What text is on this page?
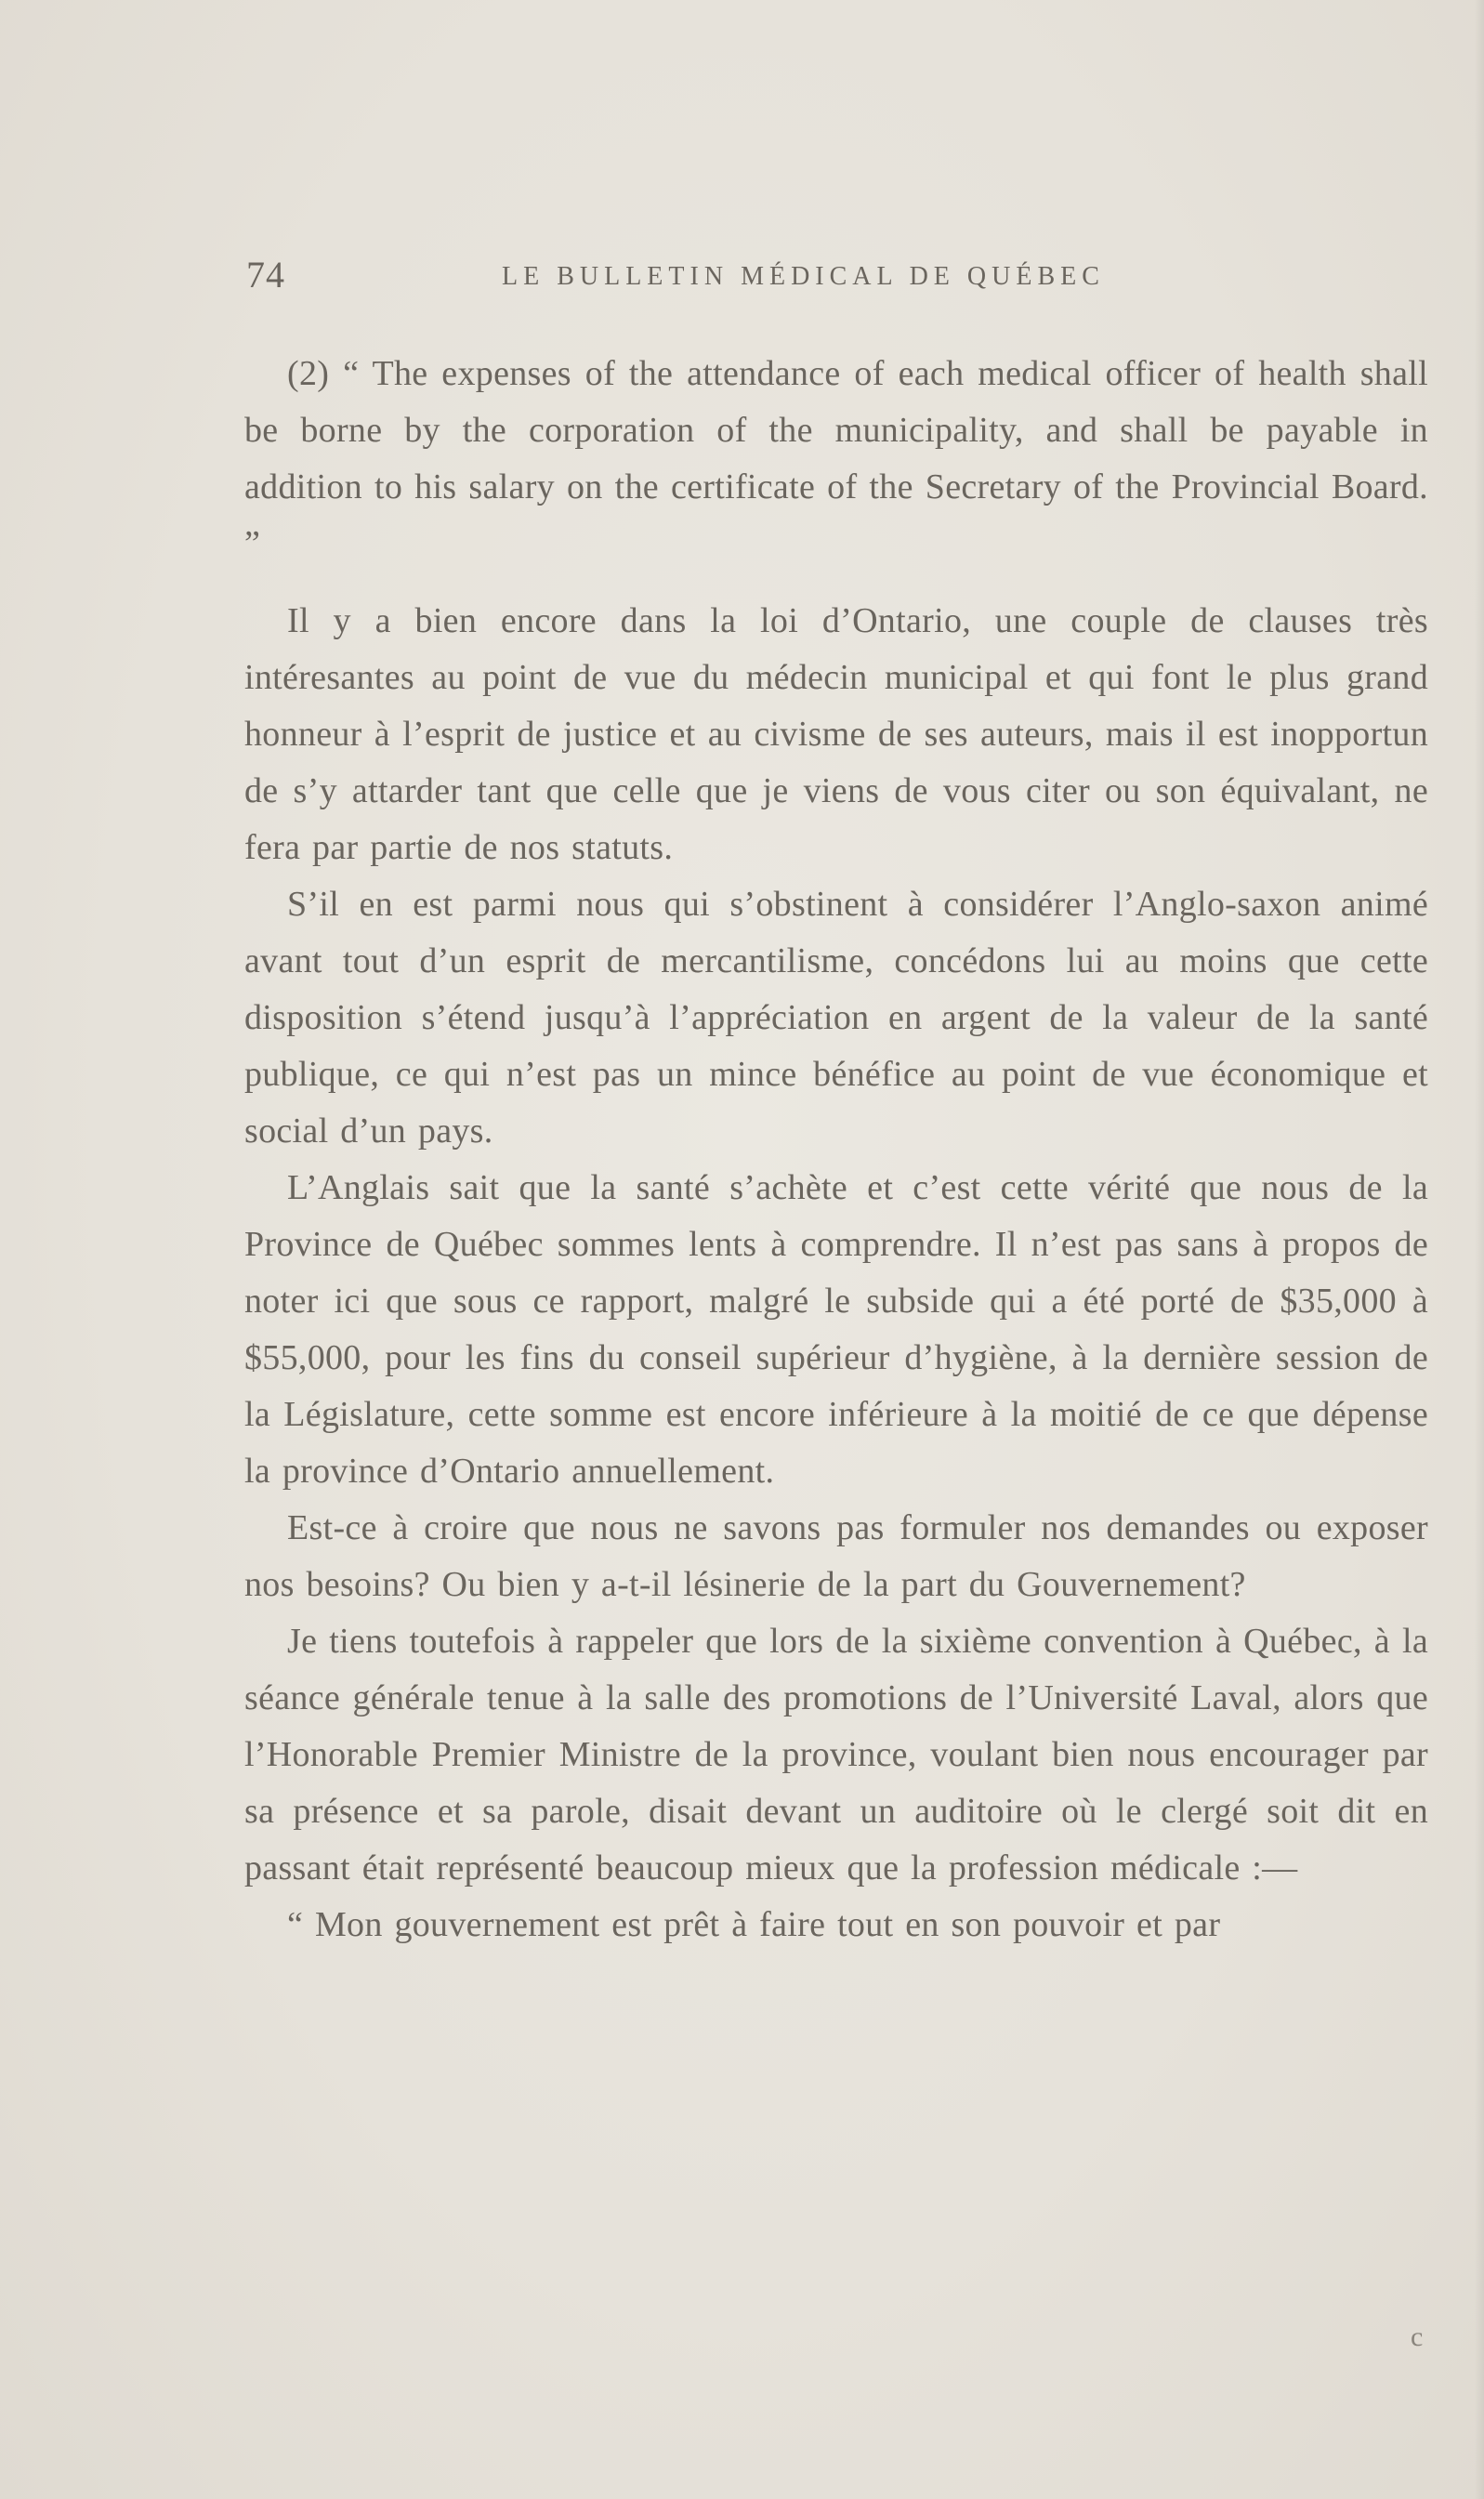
74	LE BULLETIN MÉDICAL DE QUÉBEC

(2) “ The expenses of the attendance of each medical officer of health shall be borne by the corporation of the municipality, and shall be payable in addition to his salary on the certificate of the Secretary of the Provincial Board. ”

Il y a bien encore dans la loi d’Ontario, une couple de clauses très intéresantes au point de vue du médecin municipal et qui font le plus grand honneur à l’esprit de justice et au civisme de ses auteurs, mais il est inopportun de s’y attarder tant que celle que je viens de vous citer ou son équivalant, ne fera par partie de nos statuts.

S’il en est parmi nous qui s’obstinent à considérer l’Anglo-saxon animé avant tout d’un esprit de mercantilisme, concédons lui au moins que cette disposition s’étend jusqu’à l’appréciation en argent de la valeur de la santé publique, ce qui n’est pas un mince bénéfice au point de vue économique et social d’un pays.

L’Anglais sait que la santé s’achète et c’est cette vérité que nous de la Province de Québec sommes lents à comprendre. Il n’est pas sans à propos de noter ici que sous ce rapport, malgré le subside qui a été porté de $35,000 à $55,000, pour les fins du conseil supérieur d’hygiène, à la dernière session de la Législature, cette somme est encore inférieure à la moitié de ce que dépense la province d’Ontario annuellement.

Est-ce à croire que nous ne savons pas formuler nos demandes ou exposer nos besoins? Ou bien y a-t-il lésinerie de la part du Gouvernement?

Je tiens toutefois à rappeler que lors de la sixième convention à Québec, à la séance générale tenue à la salle des promotions de l’Université Laval, alors que l’Honorable Premier Ministre de la province, voulant bien nous encourager par sa présence et sa parole, disait devant un auditoire où le clergé soit dit en passant était représenté beaucoup mieux que la profession médicale :—

“ Mon gouvernement est prêt à faire tout en son pouvoir et par

c
